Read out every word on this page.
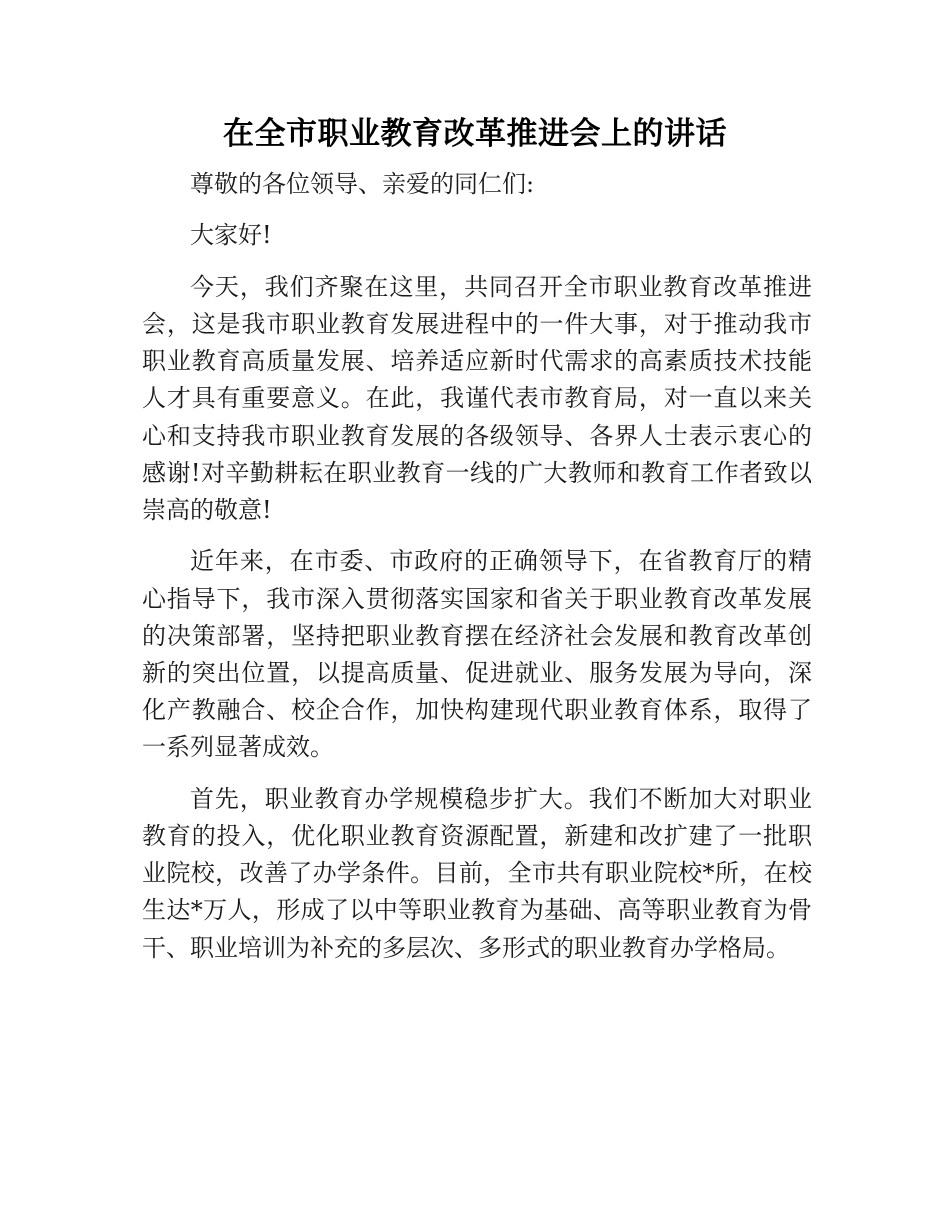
在全市职业教育改革推进会上的讲话

尊敬的各位领导、亲爱的同仁们:

大家好!

今天，我们齐聚在这里，共同召开全市职业教育改革推进会，这是我市职业教育发展进程中的一件大事，对于推动我市职业教育高质量发展、培养适应新时代需求的高素质技术技能人才具有重要意义。在此，我谨代表市教育局，对一直以来关心和支持我市职业教育发展的各级领导、各界人士表示衷心的感谢!对辛勤耕耘在职业教育一线的广大教师和教育工作者致以崇高的敬意!

近年来，在市委、市政府的正确领导下，在省教育厅的精心指导下，我市深入贯彻落实国家和省关于职业教育改革发展的决策部署，坚持把职业教育摆在经济社会发展和教育改革创新的突出位置，以提高质量、促进就业、服务发展为导向，深化产教融合、校企合作，加快构建现代职业教育体系，取得了一系列显著成效。

首先，职业教育办学规模稳步扩大。我们不断加大对职业教育的投入，优化职业教育资源配置，新建和改扩建了一批职业院校，改善了办学条件。目前，全市共有职业院校*所，在校生达*万人，形成了以中等职业教育为基础、高等职业教育为骨干、职业培训为补充的多层次、多形式的职业教育办学格局。
